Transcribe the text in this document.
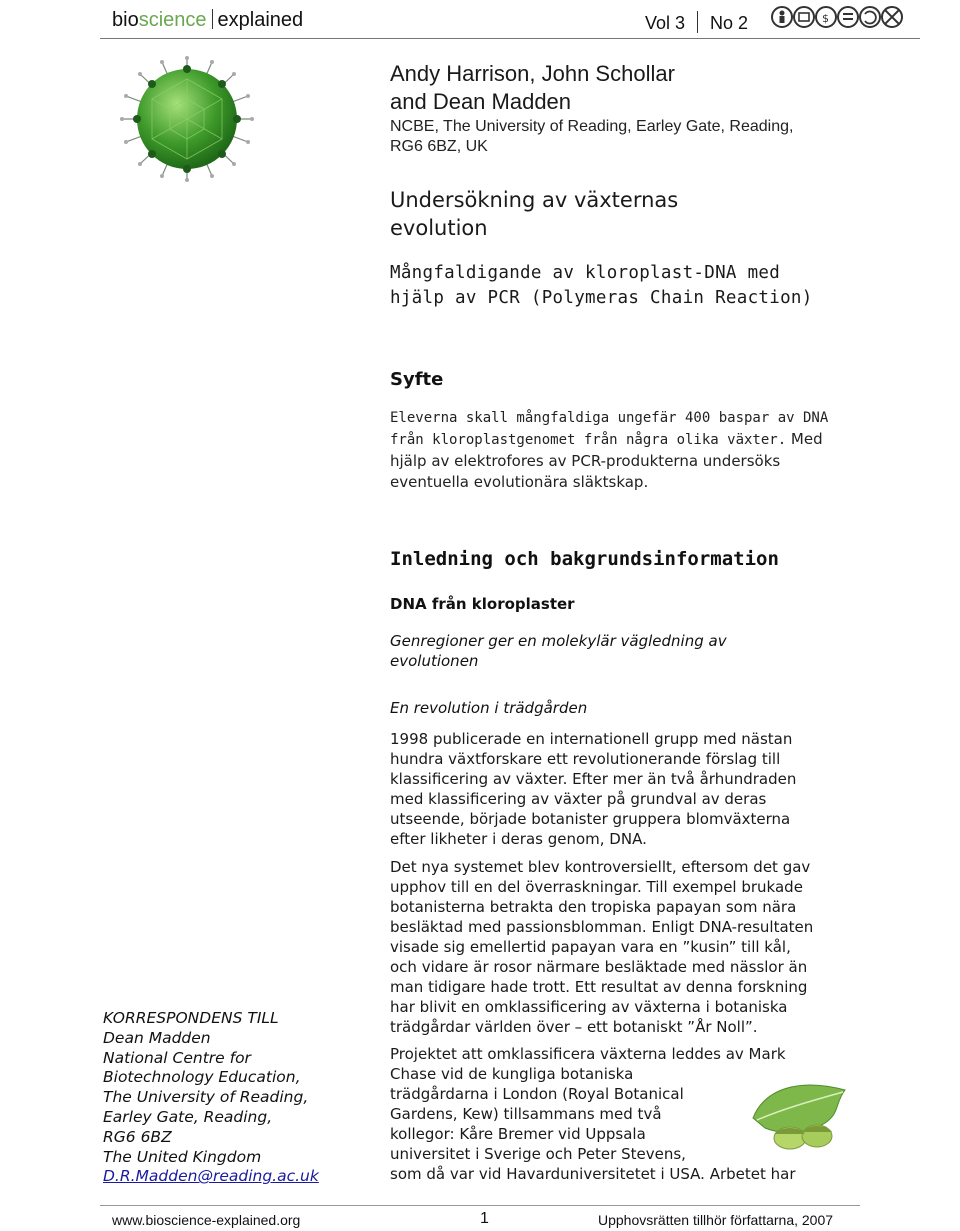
bioscience explained	Vol 3 No 2	$
Andy Harrison, John Schollar
and Dean Madden
NCBE, The University of Reading, Earley Gate, Reading,
RG6 6BZ, UK
Undersökning av växternas
evolution
Mångfaldigande av kloroplast-DNA med
hjälp av PCR (Polymeras Chain Reaction)
Syfte
Eleverna skall mångfaldiga ungefär 400 baspar av DNA
från kloroplastgenomet från några olika växter. Med
hjälp av elektrofores av PCR-produkterna undersöks
eventuella evolutionära släktskap.
Inledning och bakgrundsinformation
DNA från kloroplaster
Genregioner ger en molekylär vägledning av
evolutionen
En revolution i trädgården
1998 publicerade en internationell grupp med nästan
hundra växtforskare ett revolutionerande förslag till
klassificering av växter. Efter mer än två århundraden
med klassificering av växter på grundval av deras
utseende, började botanister gruppera blomväxterna
efter likheter i deras genom, DNA.
Det nya systemet blev kontroversiellt, eftersom det gav
upphov till en del överraskningar. Till exempel brukade
botanisterna betrakta den tropiska papayan som nära
besläktad med passionsblomman. Enligt DNA-resultaten
visade sig emellertid papayan vara en ”kusin” till kål,
och vidare är rosor närmare besläktade med nässlor än
man tidigare hade trott. Ett resultat av denna forskning
har blivit en omklassificering av växterna i botaniska
trädgårdar världen över – ett botaniskt ”År Noll”.
Projektet att omklassificera växterna leddes av Mark
Chase vid de kungliga botaniska
trädgårdarna i London (Royal Botanical
Gardens, Kew) tillsammans med två
kollegor: Kåre Bremer vid Uppsala
universitet i Sverige och Peter Stevens,
som då var vid Havarduniversitetet i USA. Arbetet har
KORRESPONDENS TILL
Dean Madden
National Centre for
Biotechnology Education,
The University of Reading,
Earley Gate, Reading,
RG6 6BZ
The United Kingdom
D.R.Madden@reading.ac.uk
www.bioscience-explained.org	1	Upphovsrätten tillhör författarna, 2007
